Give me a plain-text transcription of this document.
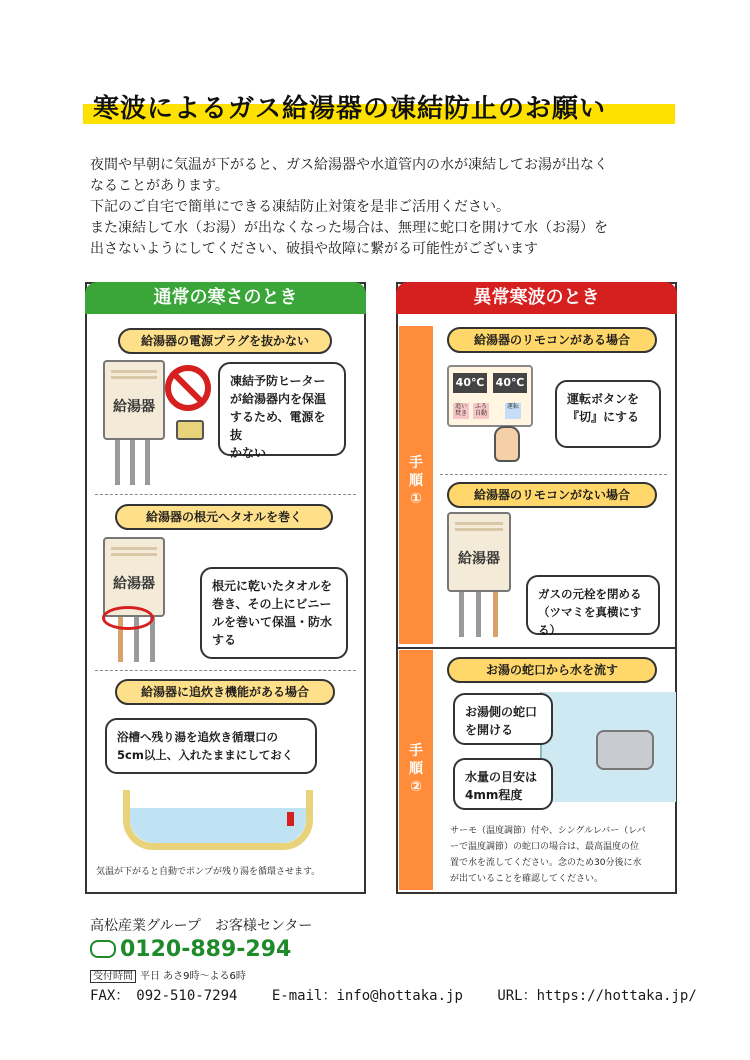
寒波によるガス給湯器の凍結防止のお願い

夜間や早朝に気温が下がると、ガス給湯器や水道管内の水が凍結してお湯が出なく

なることがあります。

下記のご自宅で簡単にできる凍結防止対策を是非ご活用ください。

また凍結して水（お湯）が出なくなった場合は、無理に蛇口を開けて水（お湯）を

出さないようにしてください、破損や故障に繋がる可能性がございます

通常の寒さのとき
給湯器の電源プラグを抜かない
給湯器
凍結予防ヒーター
が給湯器内を保温
するため、電源を抜
かない
給湯器の根元へタオルを巻く
給湯器	根元に乾いたタオルを
巻き、その上にビニー
ルを巻いて保温・防水
する
給湯器に追炊き機能がある場合
浴槽へ残り湯を追炊き循環口の
5cm以上、入れたままにしておく
気温が下がると自動でポンプが残り湯を循環させます。
異常寒波のとき
手
順
①
手
順
②
給湯器のリモコンがある場合
40℃ 40℃
追い焚き
ふろ自動
運転
運転ボタンを
『切』にする
給湯器のリモコンがない場合
給湯器
ガスの元栓を閉める
（ツマミを真横にする）
お湯の蛇口から水を流す
お湯側の蛇口
を開ける
水量の目安は
4mm程度
サーモ（温度調節）付や、シングルレバー（レバ
ーで温度調節）の蛇口の場合は、最高温度の位
置で水を流してください。念のため30分後に水
が出ていることを確認してください。
高松産業グループ　お客様センター
0120-889-294
受付時間 平日 あさ9時〜よる6時
FAX：　092-510-7294 E-mail：info@hottaka.jp URL：https://hottaka.jp/
